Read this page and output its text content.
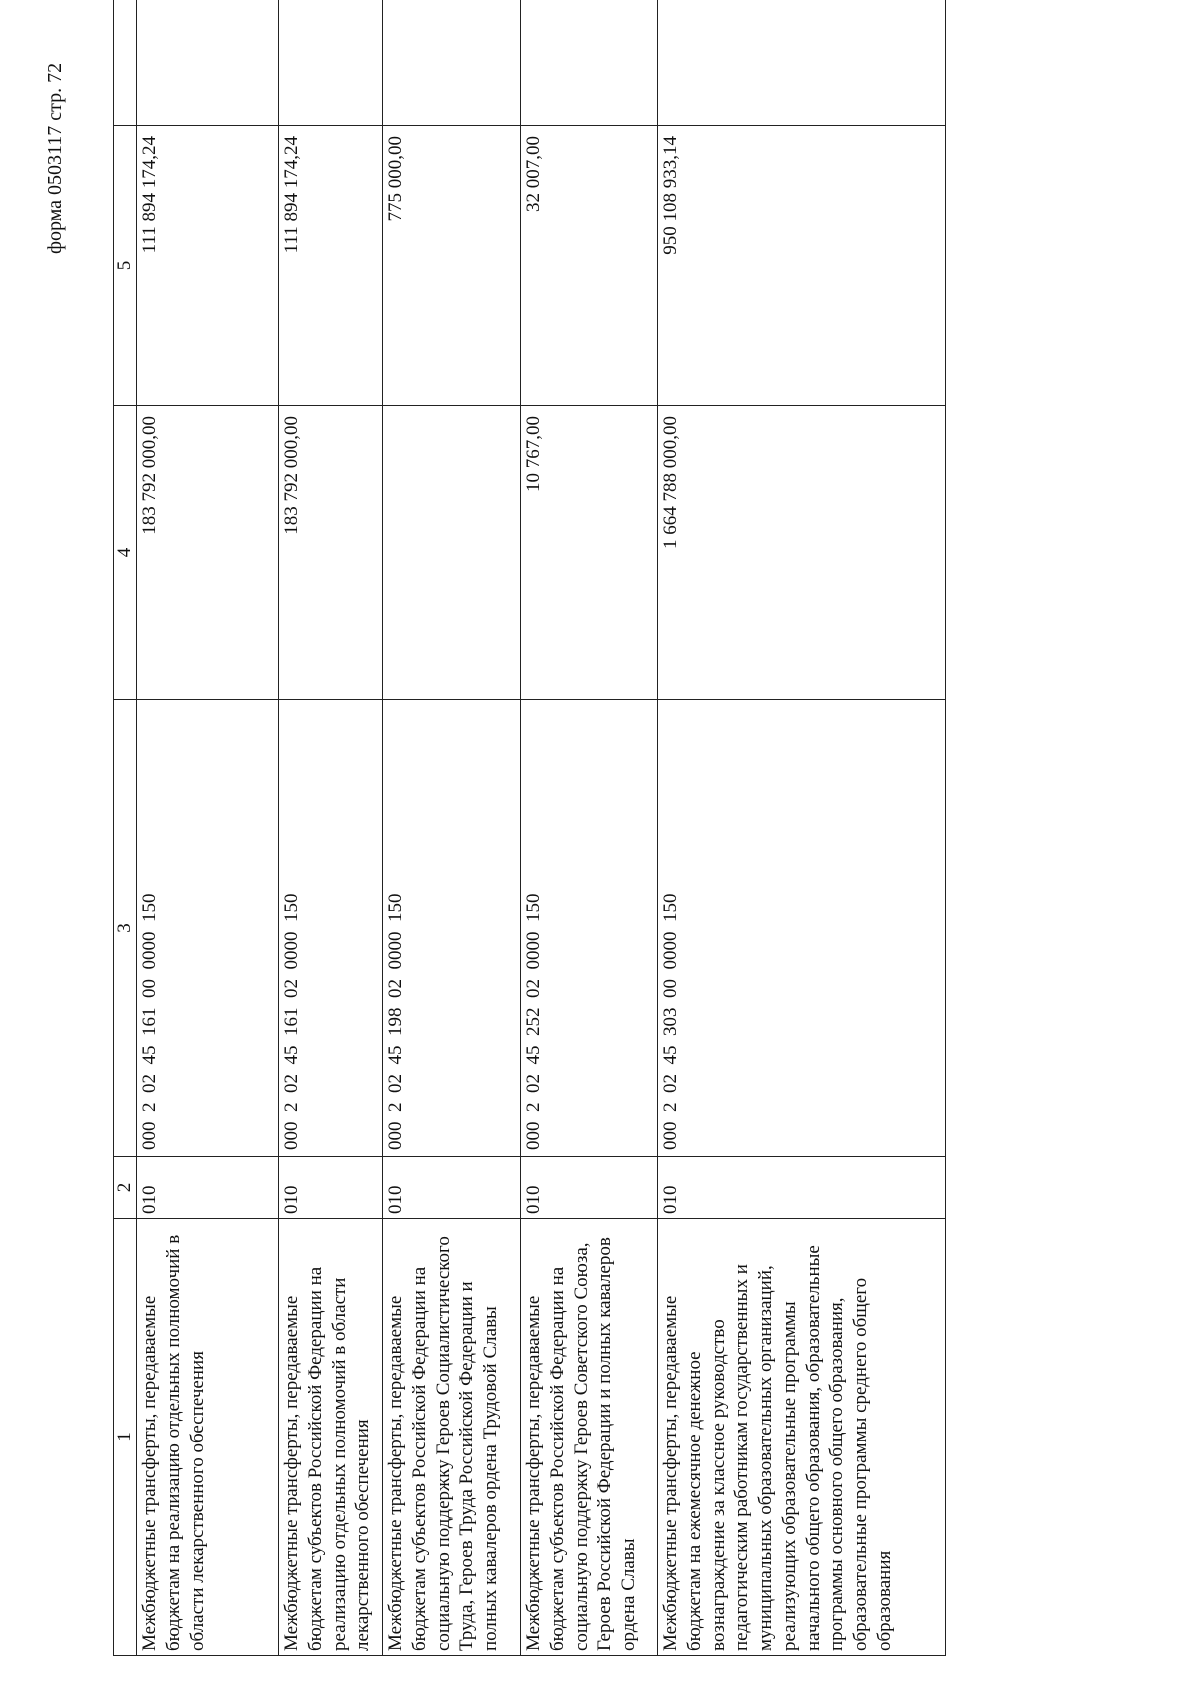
форма 0503117 стр. 72
1	2	3	4	5	
Межбюджетные трансферты, передаваемые бюджетам на реализацию отдельных полномочий в области лекарственного обеспечения	010	000  2  02  45  161  00  0000  150	183 792 000,00	111 894 174,24	
Межбюджетные трансферты, передаваемые бюджетам субъектов Российской Федерации на реализацию отдельных полномочий в области лекарственного обеспечения	010	000  2  02  45  161  02  0000  150	183 792 000,00	111 894 174,24	
Межбюджетные трансферты, передаваемые бюджетам субъектов Российской Федерации на социальную поддержку Героев Социалистического Труда, Героев Труда Российской Федерации и полных кавалеров ордена Трудовой Славы	010	000  2  02  45  198  02  0000  150		775 000,00	
Межбюджетные трансферты, передаваемые бюджетам субъектов Российской Федерации на социальную поддержку Героев Советского Союза, Героев Российской Федерации и полных кавалеров ордена Славы	010	000  2  02  45  252  02  0000  150	10 767,00	32 007,00	
Межбюджетные трансферты, передаваемые бюджетам на ежемесячное денежное вознаграждение за классное руководство педагогическим работникам государственных и муниципальных образовательных организаций, реализующих образовательные программы начального общего образования, образовательные программы основного общего образования, образовательные программы среднего общего образования	010	000  2  02  45  303  00  0000  150	1 664 788 000,00	950 108 933,14	
